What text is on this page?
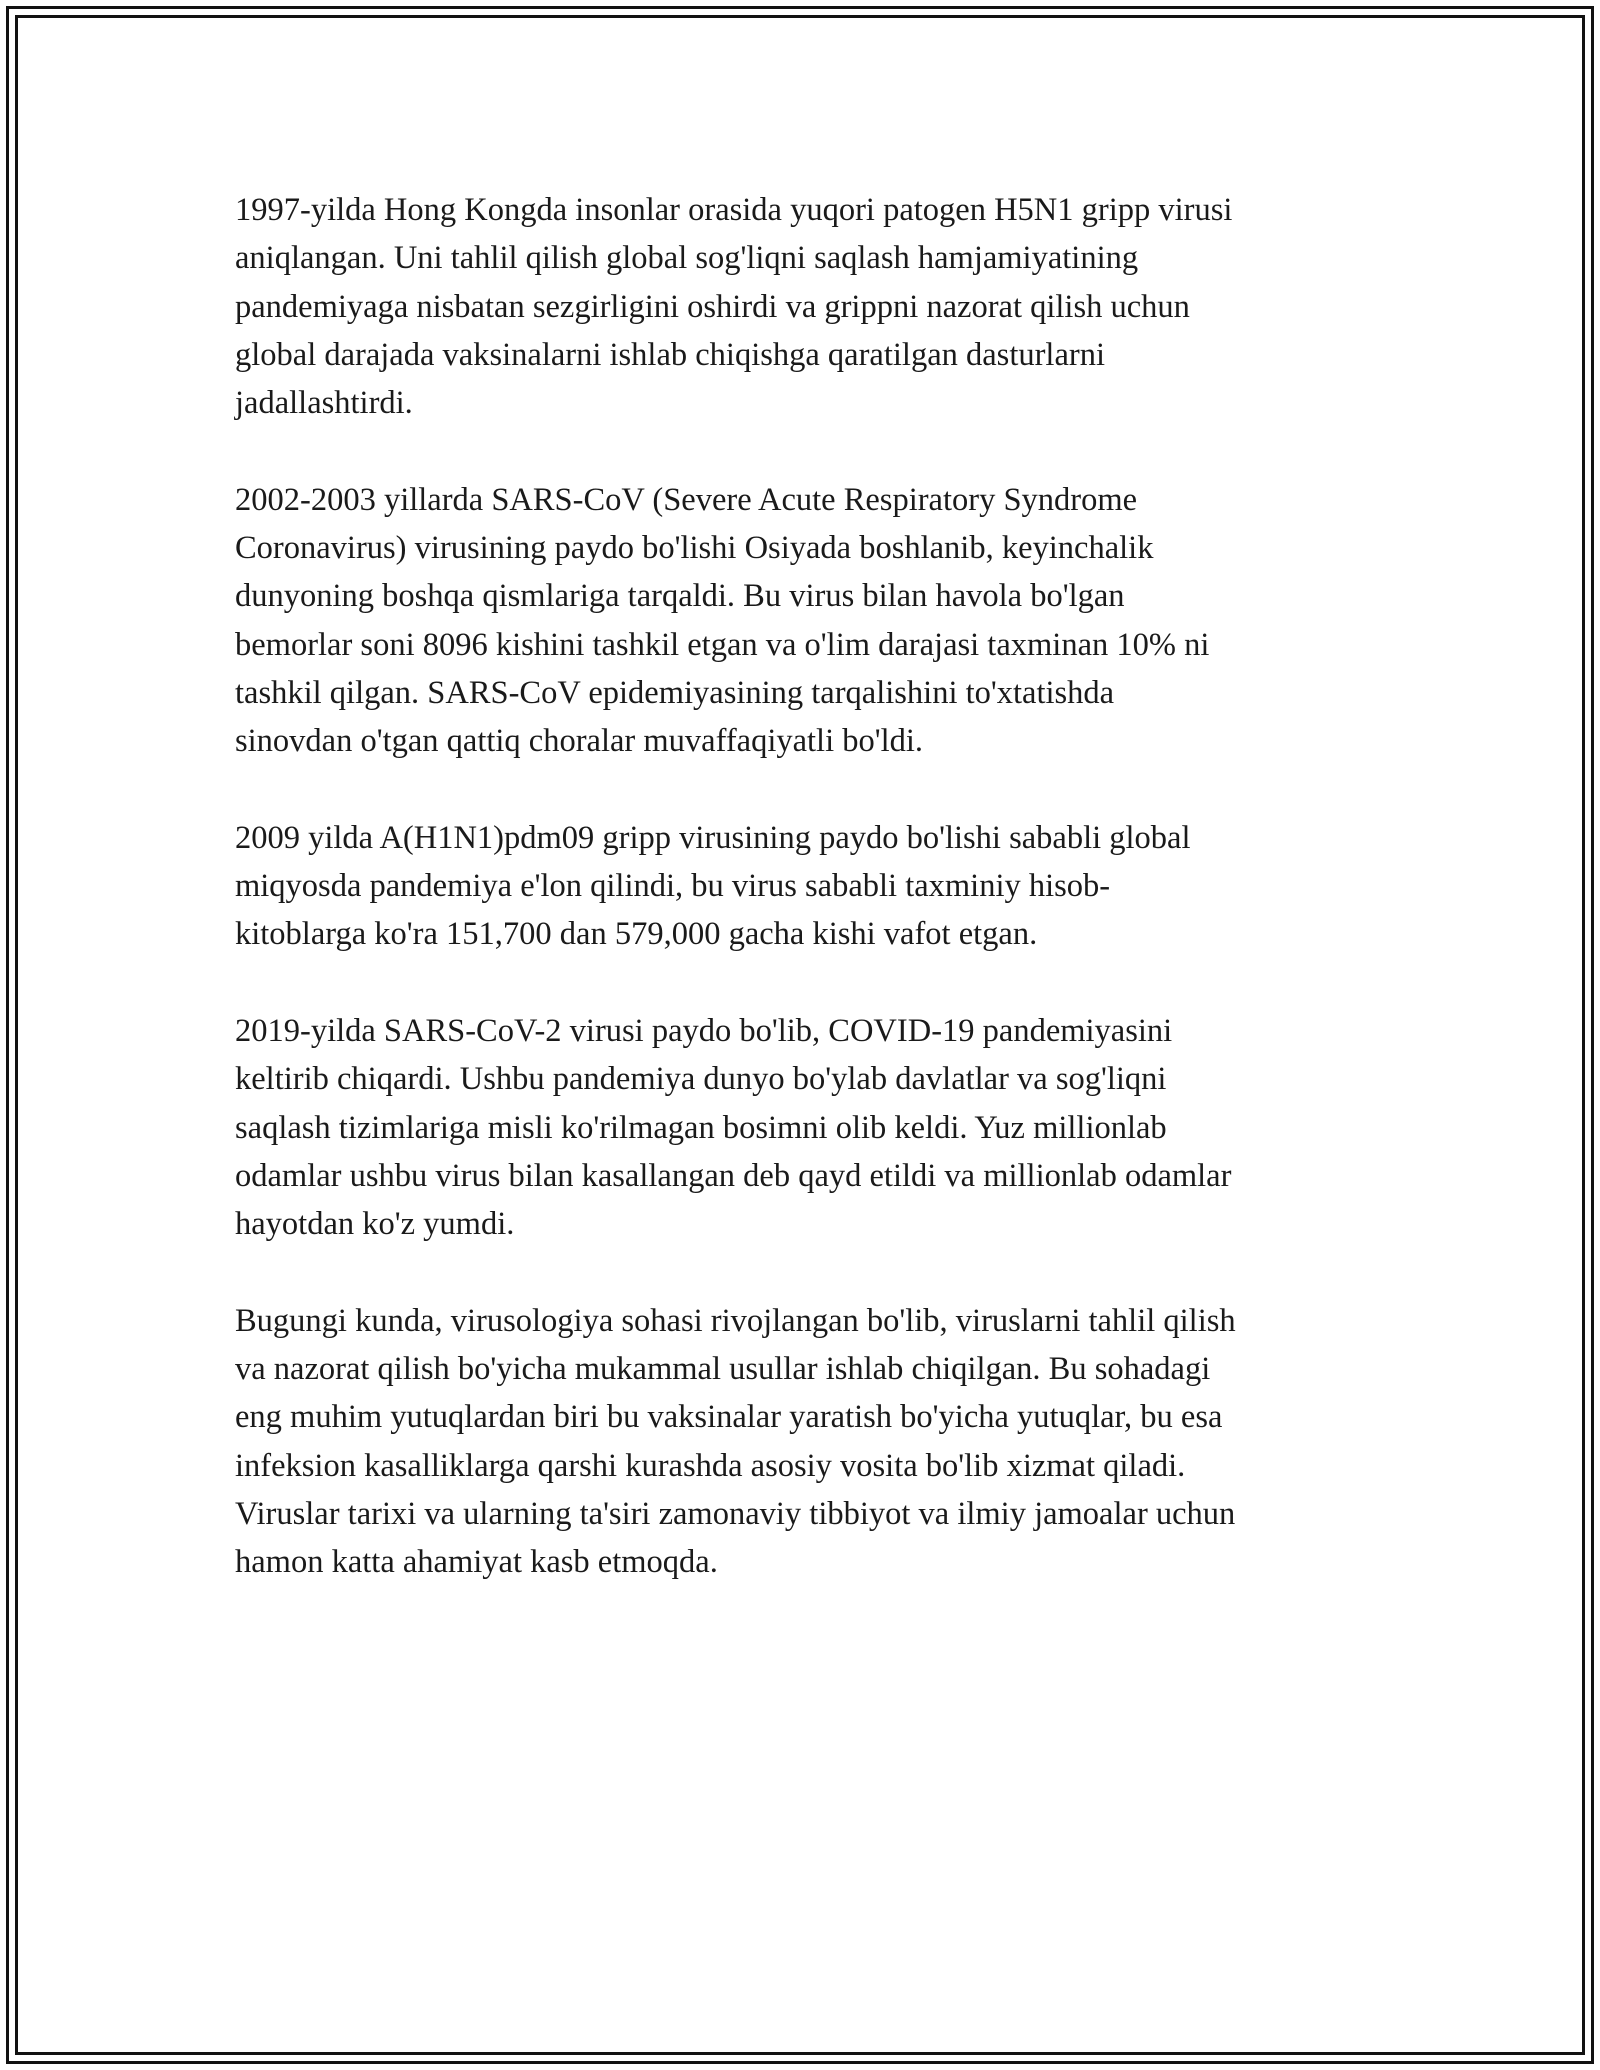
1997-yilda Hong Kongda insonlar orasida yuqori patogen H5N1 gripp virusi
aniqlangan. Uni tahlil qilish global sog'liqni saqlash hamjamiyatining
pandemiyaga nisbatan sezgirligini oshirdi va grippni nazorat qilish uchun
global darajada vaksinalarni ishlab chiqishga qaratilgan dasturlarni
jadallashtirdi.

2002-2003 yillarda SARS-CoV (Severe Acute Respiratory Syndrome
Coronavirus) virusining paydo bo'lishi Osiyada boshlanib, keyinchalik
dunyoning boshqa qismlariga tarqaldi. Bu virus bilan havola bo'lgan
bemorlar soni 8096 kishini tashkil etgan va o'lim darajasi taxminan 10% ni
tashkil qilgan. SARS-CoV epidemiyasining tarqalishini to'xtatishda
sinovdan o'tgan qattiq choralar muvaffaqiyatli bo'ldi.

2009 yilda A(H1N1)pdm09 gripp virusining paydo bo'lishi sababli global
miqyosda pandemiya e'lon qilindi, bu virus sababli taxminiy hisob-
kitoblarga ko'ra 151,700 dan 579,000 gacha kishi vafot etgan.

2019-yilda SARS-CoV-2 virusi paydo bo'lib, COVID-19 pandemiyasini
keltirib chiqardi. Ushbu pandemiya dunyo bo'ylab davlatlar va sog'liqni
saqlash tizimlariga misli ko'rilmagan bosimni olib keldi. Yuz millionlab
odamlar ushbu virus bilan kasallangan deb qayd etildi va millionlab odamlar
hayotdan ko'z yumdi.

Bugungi kunda, virusologiya sohasi rivojlangan bo'lib, viruslarni tahlil qilish
va nazorat qilish bo'yicha mukammal usullar ishlab chiqilgan. Bu sohadagi
eng muhim yutuqlardan biri bu vaksinalar yaratish bo'yicha yutuqlar, bu esa
infeksion kasalliklarga qarshi kurashda asosiy vosita bo'lib xizmat qiladi.
Viruslar tarixi va ularning ta'siri zamonaviy tibbiyot va ilmiy jamoalar uchun
hamon katta ahamiyat kasb etmoqda.
